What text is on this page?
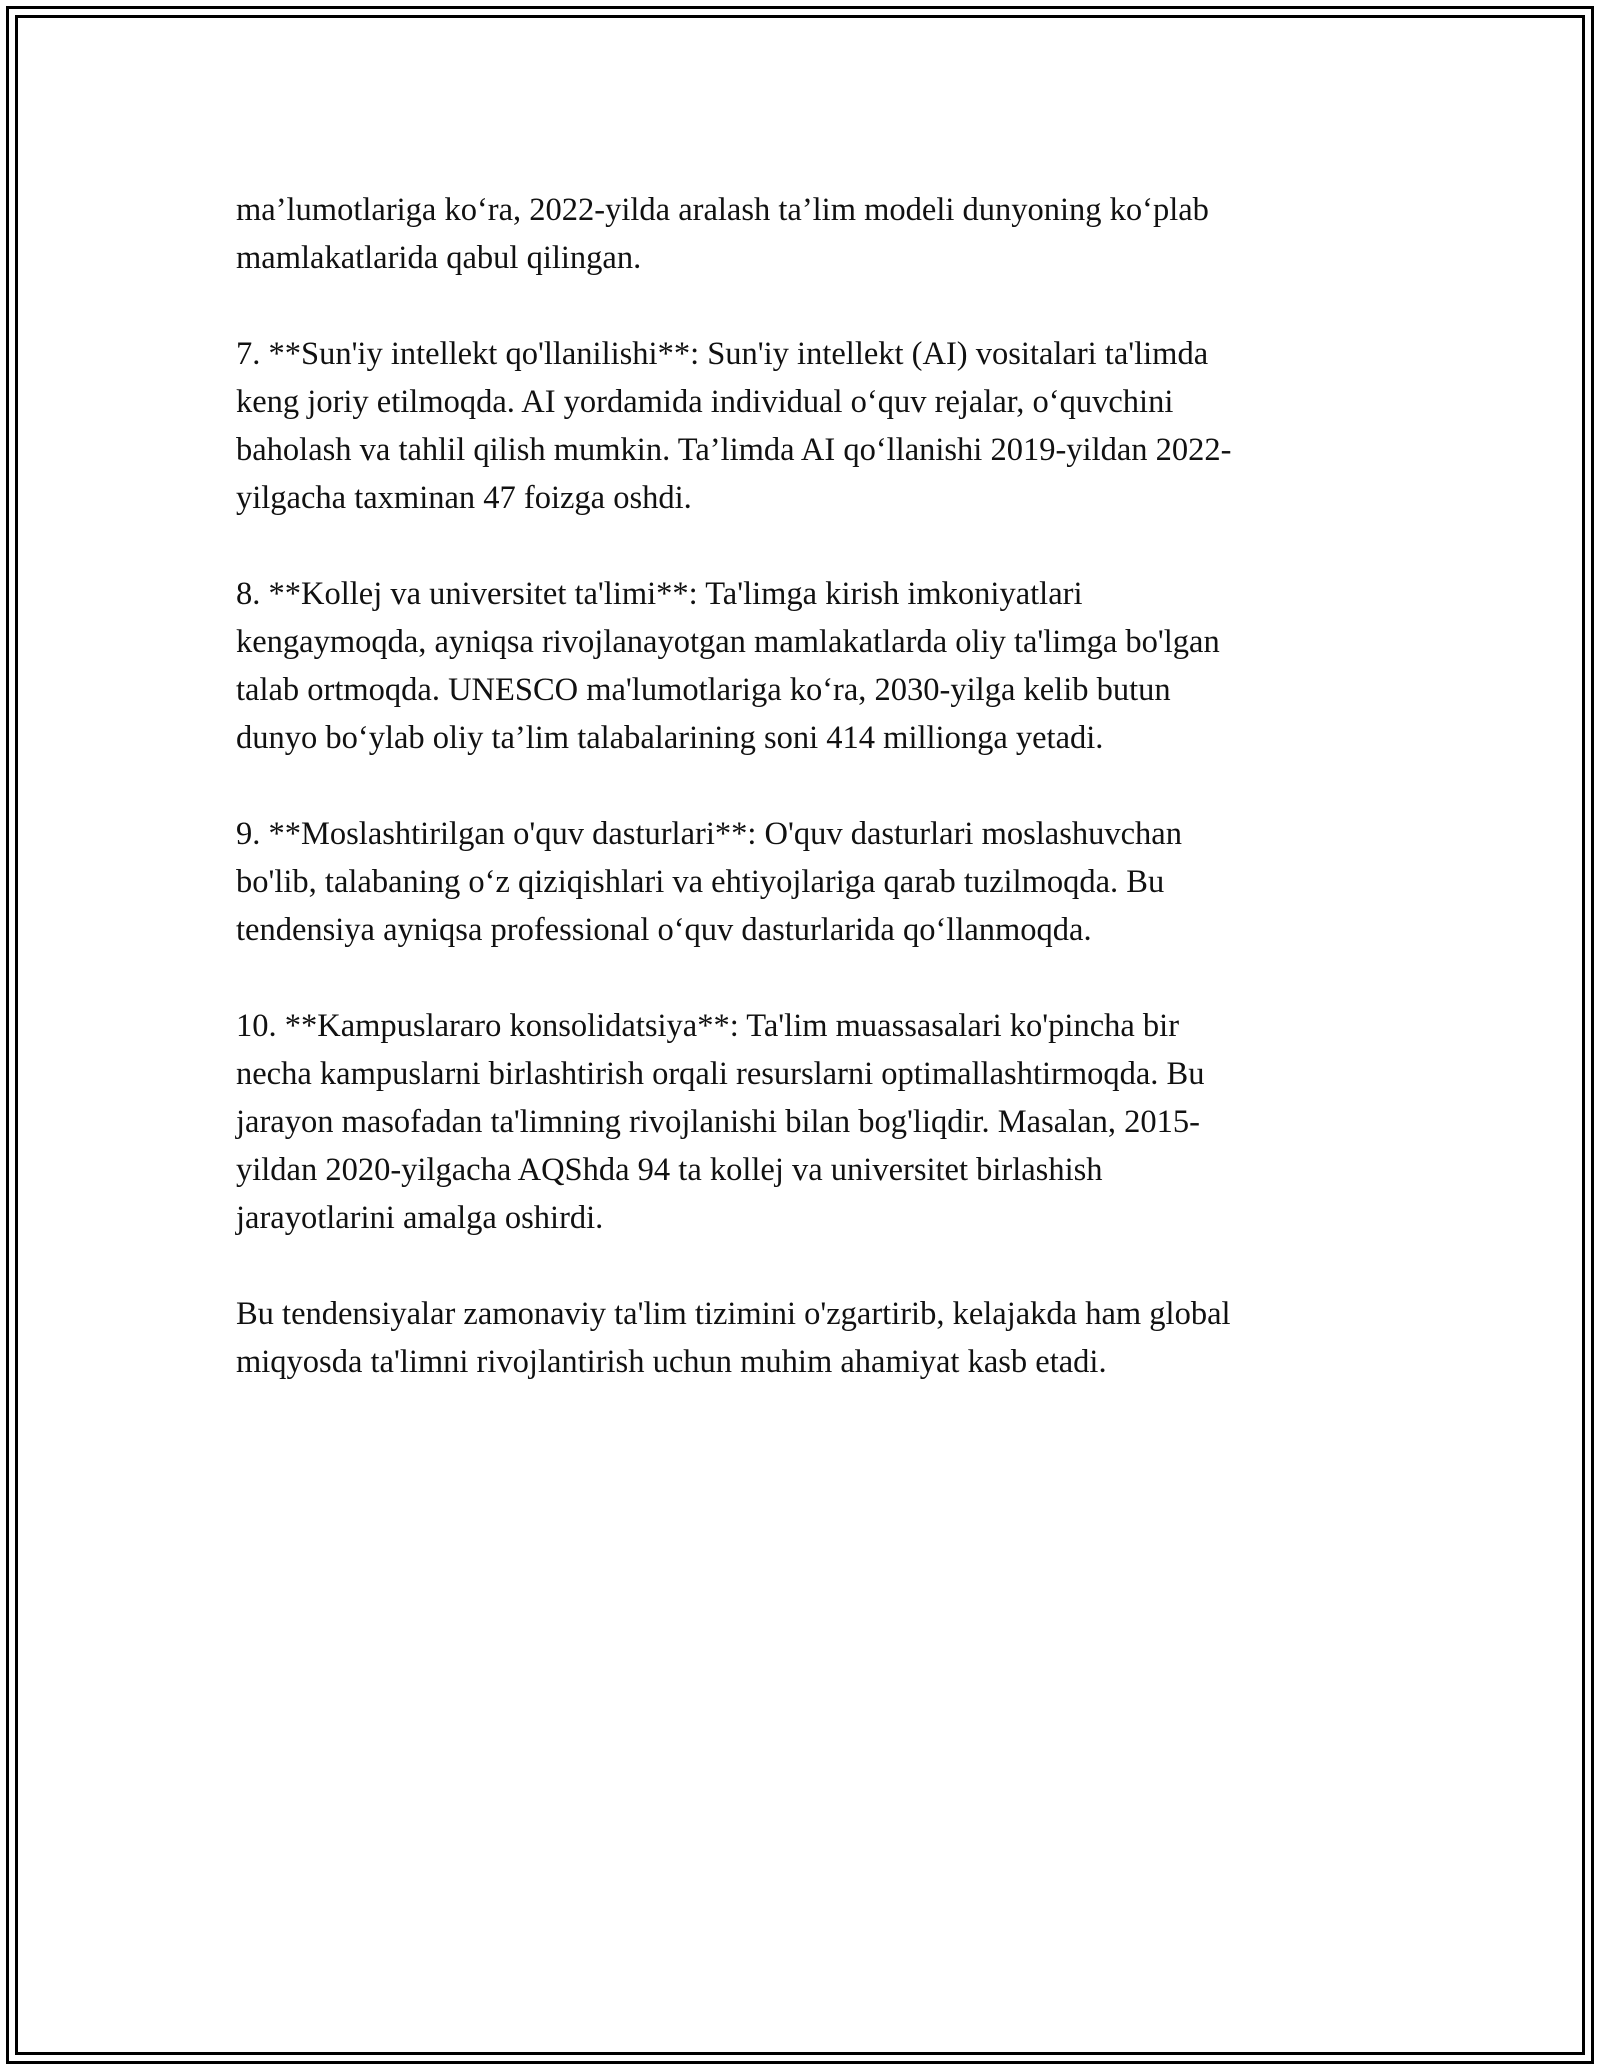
ma’lumotlariga ko‘ra, 2022-yilda aralash ta’lim modeli dunyoning ko‘plab
mamlakatlarida qabul qilingan.

7. **Sun'iy intellekt qo'llanilishi**: Sun'iy intellekt (AI) vositalari ta'limda
keng joriy etilmoqda. AI yordamida individual o‘quv rejalar, o‘quvchini
baholash va tahlil qilish mumkin. Ta’limda AI qo‘llanishi 2019-yildan 2022-
yilgacha taxminan 47 foizga oshdi.

8. **Kollej va universitet ta'limi**: Ta'limga kirish imkoniyatlari
kengaymoqda, ayniqsa rivojlanayotgan mamlakatlarda oliy ta'limga bo'lgan
talab ortmoqda. UNESCO ma'lumotlariga ko‘ra, 2030-yilga kelib butun
dunyo bo‘ylab oliy ta’lim talabalarining soni 414 millionga yetadi.

9. **Moslashtirilgan o'quv dasturlari**: O'quv dasturlari moslashuvchan
bo'lib, talabaning o‘z qiziqishlari va ehtiyojlariga qarab tuzilmoqda. Bu
tendensiya ayniqsa professional o‘quv dasturlarida qo‘llanmoqda.

10. **Kampuslararo konsolidatsiya**: Ta'lim muassasalari ko'pincha bir
necha kampuslarni birlashtirish orqali resurslarni optimallashtirmoqda. Bu
jarayon masofadan ta'limning rivojlanishi bilan bog'liqdir. Masalan, 2015-
yildan 2020-yilgacha AQShda 94 ta kollej va universitet birlashish
jarayotlarini amalga oshirdi.

Bu tendensiyalar zamonaviy ta'lim tizimini o'zgartirib, kelajakda ham global
miqyosda ta'limni rivojlantirish uchun muhim ahamiyat kasb etadi.
